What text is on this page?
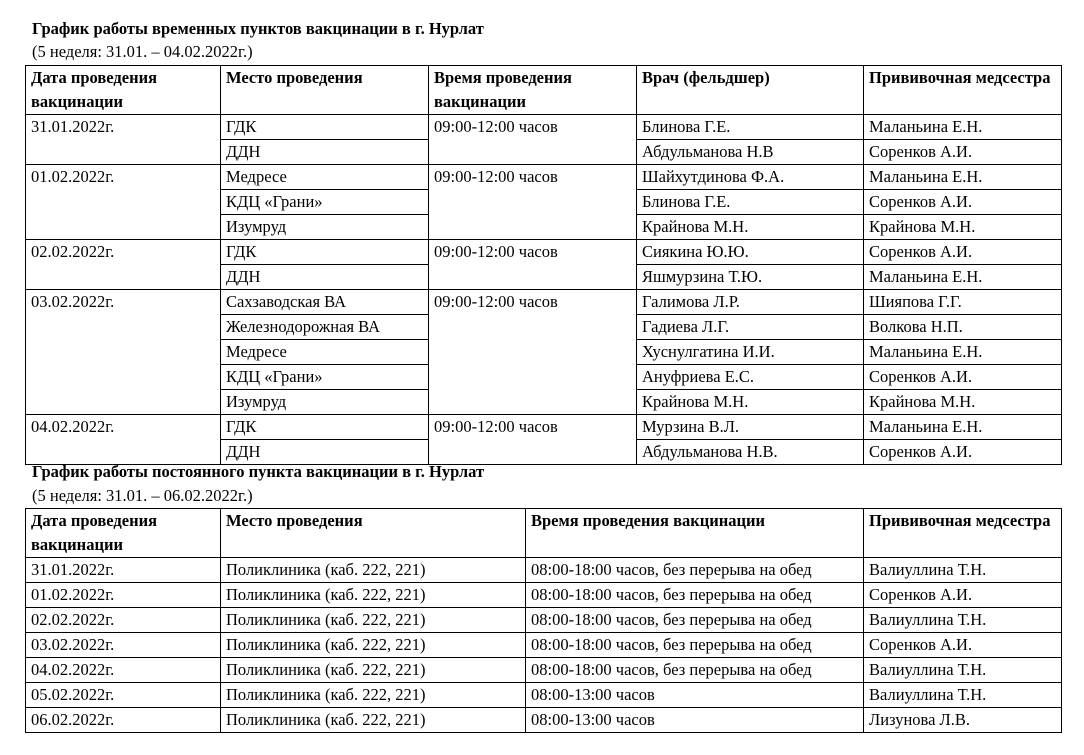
График работы временных пунктов вакцинации в г. Нурлат
(5 неделя: 31.01. – 04.02.2022г.)
Дата проведения вакцинации	Место проведения	Время проведения вакцинации	Врач (фельдшер)	Прививочная медсестра
31.01.2022г.	ГДК	09:00-12:00 часов	Блинова Г.Е.	Маланьина Е.Н.
	ДДН		Абдульманова Н.В	Соренков А.И.
01.02.2022г.	Медресе	09:00-12:00 часов	Шайхутдинова Ф.А.	Маланьина Е.Н.
	КДЦ «Грани»		Блинова Г.Е.	Соренков А.И.
	Изумруд		Крайнова М.Н.	Крайнова М.Н.
02.02.2022г.	ГДК	09:00-12:00 часов	Сиякина Ю.Ю.	Соренков А.И.
	ДДН		Яшмурзина Т.Ю.	Маланьина Е.Н.
03.02.2022г.	Сахзаводская ВА	09:00-12:00 часов	Галимова Л.Р.	Шияпова Г.Г.
	Железнодорожная ВА		Гадиева Л.Г.	Волкова Н.П.
	Медресе		Хуснулгатина И.И.	Маланьина Е.Н.
	КДЦ «Грани»		Ануфриева Е.С.	Соренков А.И.
	Изумруд		Крайнова М.Н.	Крайнова М.Н.
04.02.2022г.	ГДК	09:00-12:00 часов	Мурзина В.Л.	Маланьина Е.Н.
	ДДН		Абдульманова Н.В.	Соренков А.И.
График работы постоянного пункта вакцинации в г. Нурлат
(5 неделя: 31.01. – 06.02.2022г.)
Дата проведения вакцинации	Место проведения	Время проведения вакцинации	Прививочная медсестра
31.01.2022г.	Поликлиника (каб. 222, 221)	08:00-18:00 часов, без перерыва на обед	Валиуллина Т.Н.
01.02.2022г.	Поликлиника (каб. 222, 221)	08:00-18:00 часов, без перерыва на обед	Соренков А.И.
02.02.2022г.	Поликлиника (каб. 222, 221)	08:00-18:00 часов, без перерыва на обед	Валиуллина Т.Н.
03.02.2022г.	Поликлиника (каб. 222, 221)	08:00-18:00 часов, без перерыва на обед	Соренков А.И.
04.02.2022г.	Поликлиника (каб. 222, 221)	08:00-18:00 часов, без перерыва на обед	Валиуллина Т.Н.
05.02.2022г.	Поликлиника (каб. 222, 221)	08:00-13:00 часов	Валиуллина Т.Н.
06.02.2022г.	Поликлиника (каб. 222, 221)	08:00-13:00 часов	Лизунова Л.В.
